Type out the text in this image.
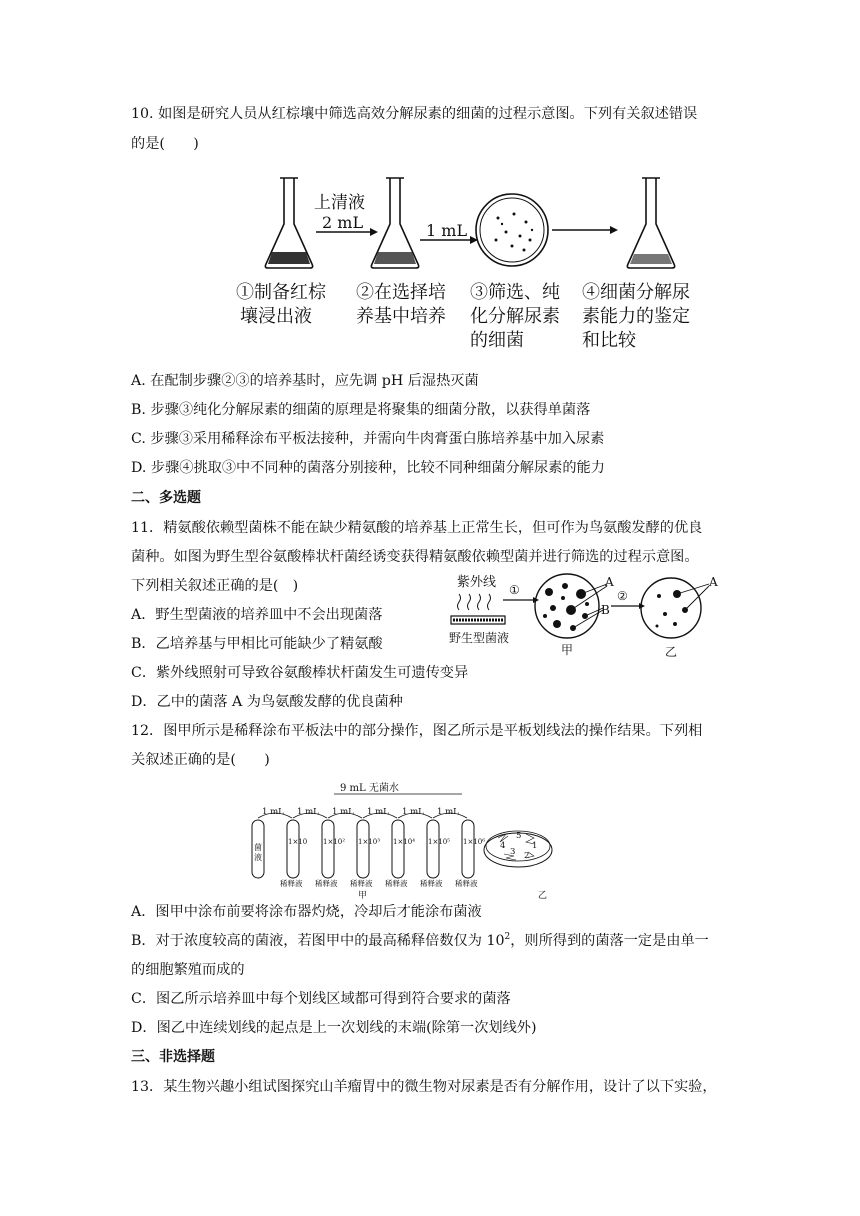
10. 如图是研究人员从红棕壤中筛选高效分解尿素的细菌的过程示意图。下列有关叙述错误
的是(　　)
上清液
2 mL	1 mL
①制备红棕
壤浸出液
②在选择培
养基中培养
③筛选、纯
化分解尿素
的细菌
④细菌分解尿
素能力的鉴定
和比较
A. 在配制步骤②③的培养基时，应先调 pH 后湿热灭菌
B. 步骤③纯化分解尿素的细菌的原理是将聚集的细菌分散，以获得单菌落
C. 步骤③采用稀释涂布平板法接种，并需向牛肉膏蛋白胨培养基中加入尿素
D. 步骤④挑取③中不同种的菌落分别接种，比较不同种细菌分解尿素的能力
二、多选题
11．精氨酸依赖型菌株不能在缺少精氨酸的培养基上正常生长，但可作为鸟氨酸发酵的优良
菌种。如图为野生型谷氨酸棒状杆菌经诱变获得精氨酸依赖型菌并进行筛选的过程示意图。
下列相关叙述正确的是(　)
A．野生型菌液的培养皿中不会出现菌落
B．乙培养基与甲相比可能缺少了精氨酸
C．紫外线照射可导致谷氨酸棒状杆菌发生可遗传变异
D．乙中的菌落 A 为鸟氨酸发酵的优良菌种
紫外线
野生型菌液
①
A
B
甲
②
A
乙
12．图甲所示是稀释涂布平板法中的部分操作，图乙所示是平板划线法的操作结果。下列相
关叙述正确的是(　　)
9 mL 无菌水
1 mL 1 mL 1 mL 1 mL 1 mL 1 mL
菌
液
1×10 1×10² 1×10³ 1×10⁴ 1×10⁵ 1×10⁶
稀释液 稀释液 稀释液 稀释液 稀释液 稀释液
甲
5
4
3
1
2
乙
A．图甲中涂布前要将涂布器灼烧，冷却后才能涂布菌液
B．对于浓度较高的菌液，若图甲中的最高稀释倍数仅为 $10^2$，则所得到的菌落一定是由单一
的细胞繁殖而成的
C．图乙所示培养皿中每个划线区域都可得到符合要求的菌落
D．图乙中连续划线的起点是上一次划线的末端(除第一次划线外)
三、非选择题
13．某生物兴趣小组试图探究山羊瘤胃中的微生物对尿素是否有分解作用，设计了以下实验，
